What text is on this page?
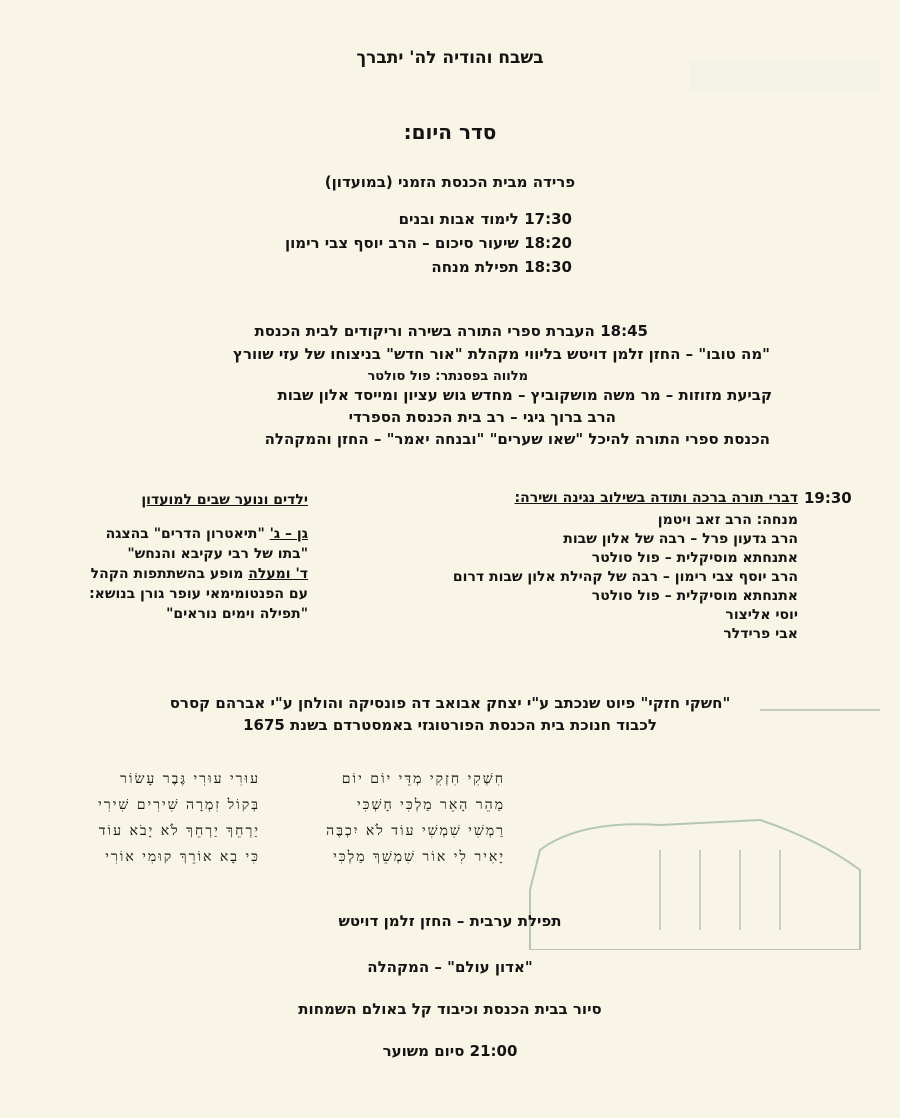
בשבח והודיה לה' יתברך
סדר היום:
פרידה מבית הכנסת הזמני (במועדון)
17:30 לימוד אבות ובנים
18:20 שיעור סיכום – הרב יוסף צבי רימון
18:30 תפילת מנחה
18:45 העברת ספרי התורה בשירה וריקודים לבית הכנסת
"מה טובו" – החזן זלמן דויטש בליווי מקהלת "אור חדש" בניצוחו של עזי שוורץ
מלווה בפסנתר: פול סולטר
קביעת מזוזות – מר משה מושקוביץ – מחדש גוש עציון ומייסד אלון שבות
הרב ברוך גיגי – רב בית הכנסת הספרדי
הכנסת ספרי התורה להיכל "שאו שערים" "ובנחה יאמר" – החזן והמקהלה
19:30
דברי תורה ברכה ותודה בשילוב נגינה ושירה:
מנחה: הרב זאב ויטמן
הרב גדעון פרל – רבה של אלון שבות
אתנחתא מוסיקלית – פול סולטר
הרב יוסף צבי רימון – רבה של קהילת אלון שבות דרום
אתנחתא מוסיקלית – פול סולטר
יוסי אליצור
אבי פרידלר
ילדים ונוער שבים למועדון
גן – ג' "תיאטרון הדרים" בהצגה
"בתו של רבי עקיבא והנחש"
ד' ומעלה מופע בהשתתפות הקהל
עם הפנטומימאי עופר גורן בנושא:
"תפילה וימים נוראים"
"חשקי חזקי" פיוט שנכתב ע"י יצחק אבואב דה פונסיקה והולחן ע"י אברהם קסרס
לכבוד חנוכת בית הכנסת הפורטוגזי באמסטרדם בשנת 1675
חִשְׁקִי חִזְקִי מְדֵּי יוֹם יוֹם
מַהֵר הָאֵר מַלְכִּי חָשְׁכִּי
רַמְשִׁי שִׁמְשִׁי עוֹד לֹא יִכְבֶּה
יָאִיר לִי אוֹר שִׁמְשֵׁךְ מַלְכִּי
עוּרִי עוּרִי גֶּבֶר עָשׂוֹר
בְּקוֹל זִמְרָה שִׁירִים שִׁירִי
יַרְחֵךְ יַרְחֵךְ לֹא יָבֹא עוֹד
כִּי בָא אוֹרֵךְ קוּמִי אוֹרִי
תפילת ערבית – החזן זלמן דויטש
"אדון עולם" – המקהלה
סיור בבית הכנסת וכיבוד קל באולם השמחות
21:00 סיום משוער
